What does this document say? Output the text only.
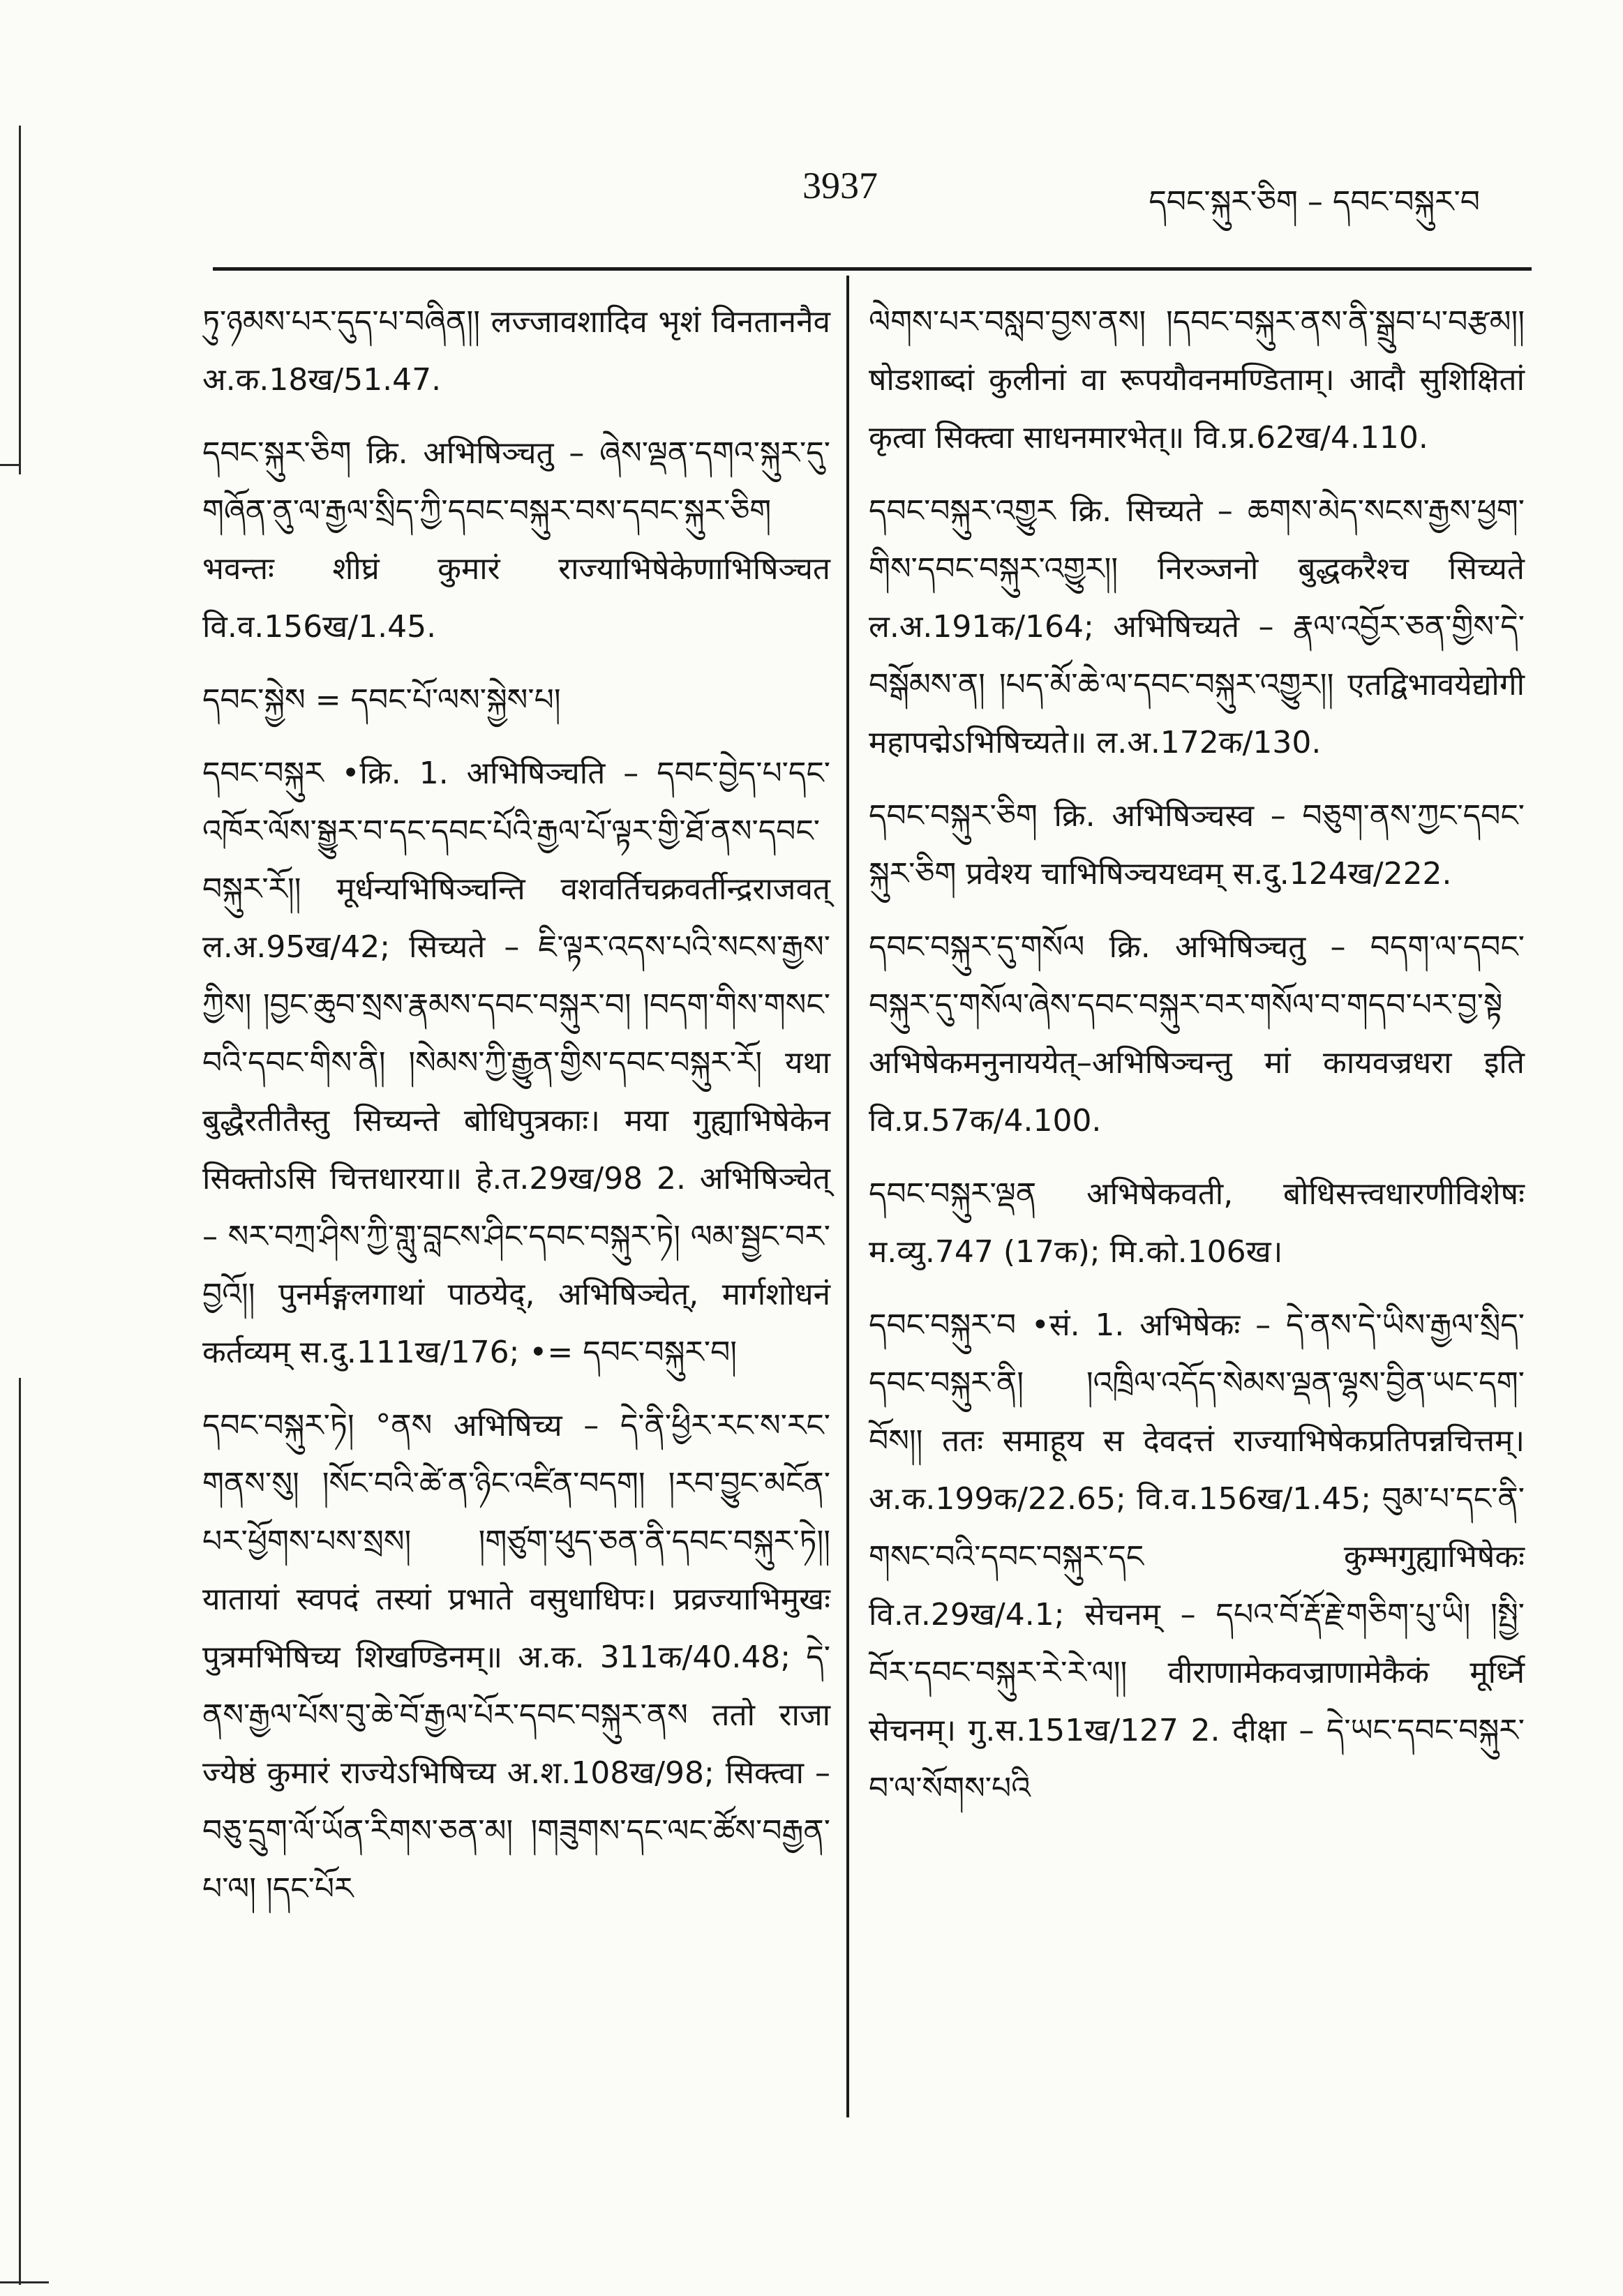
3937	དབང་སྐུར་ཅིག – དབང་བསྐུར་བ

ཏུ་ཉམས་པར་དུད་པ་བཞིན།། लज्जावशादिव भृशं विनताननैव अ.क.18ख/51.47.

དབང་སྐུར་ཅིག क्रि. अभिषिञ्चतु – ཞེས་ལྡན་དགའ་སྐུར་དུ་གཞོན་ནུ་ལ་རྒྱལ་སྲིད་ཀྱི་དབང་བསྐུར་བས་དབང་སྐུར་ཅིག भवन्तः शीघ्रं कुमारं राज्याभिषेकेणाभिषिञ्चत वि.व.156ख/1.45.

དབང་སྐྱེས = དབང་པོ་ལས་སྐྱེས་པ།

དབང་བསྐུར •क्रि. 1. अभिषिञ्चति – དབང་བྱེད་པ་དང་འཁོར་ལོས་སྒྱུར་བ་དང་དབང་པོའི་རྒྱལ་པོ་ལྟར་གྱི་ཐོ་ནས་དབང་བསྐུར་རོ།། मूर्धन्यभिषिञ्चन्ति वशवर्तिचक्रवर्तीन्द्रराजवत् ल.अ.95ख/42; सिच्यते – ཇི་ལྟར་འདས་པའི་སངས་རྒྱས་ཀྱིས། །བྱང་ཆུབ་སྲས་རྣམས་དབང་བསྐུར་བ། །བདག་གིས་གསང་བའི་དབང་གིས་ནི། །སེམས་ཀྱི་རྒྱུན་གྱིས་དབང་བསྐུར་རོ། यथा बुद्धैरतीतैस्तु सिच्यन्ते बोधिपुत्रकाः। मया गुह्याभिषेकेन सिक्तोऽसि चित्तधारया॥ हे.त.29ख/98 2. अभिषिञ्चेत् – སར་བཀྲ་ཤིས་ཀྱི་གླུ་བླངས་ཤིང་དབང་བསྐུར་ཏེ། ལམ་སྦྱང་བར་བྱའོ།། पुनर्मङ्गलगाथां पाठयेद्, अभिषिञ्चेत्, मार्गशोधनं कर्तव्यम् स.दु.111ख/176; •= དབང་བསྐུར་བ།

དབང་བསྐུར་ཏེ། °ནས अभिषिच्य – དེ་ནི་ཕྱིར་རང་ས་རང་གནས་སུ། །སོང་བའི་ཚེ་ན་ཉིང་འཛིན་བདག། །རབ་བྱུང་མངོན་པར་ཕྱོགས་པས་སྲས། །གཙུག་ཕུད་ཅན་ནི་དབང་བསྐུར་ཏེ།། यातायां स्वपदं तस्यां प्रभाते वसुधाधिपः। प्रव्रज्याभिमुखः पुत्रमभिषिच्य शिखण्डिनम्॥ अ.क. 311क/40.48; དེ་ནས་རྒྱལ་པོས་བུ་ཆེ་བོ་རྒྱལ་པོར་དབང་བསྐུར་ནས ततो राजा ज्येष्ठं कुमारं राज्येऽभिषिच्य अ.श.108ख/98; सिक्त्वा – བཅུ་དྲུག་ལོ་ཡོན་རིགས་ཅན་མ། །གཟུགས་དང་ལང་ཚོས་བརྒྱན་པ་ལ། །དང་པོར

ལེགས་པར་བསླབ་བྱས་ནས། །དབང་བསྐུར་ནས་ནི་སྒྲུབ་པ་བརྩམ།། षोडशाब्दां कुलीनां वा रूपयौवनमण्डिताम्। आदौ सुशिक्षितां कृत्वा सिक्त्वा साधनमारभेत्॥ वि.प्र.62ख/4.110.

དབང་བསྐུར་འགྱུར क्रि. सिच्यते – ཆགས་མེད་སངས་རྒྱས་ཕྱག་གིས་དབང་བསྐུར་འགྱུར།། निरञ्जनो बुद्धकरैश्च सिच्यते ल.अ.191क/164; अभिषिच्यते – རྣལ་འབྱོར་ཅན་གྱིས་དེ་བསྒོམས་ན། །པད་མོ་ཆེ་ལ་དབང་བསྐུར་འགྱུར།། एतद्विभावयेद्योगी महापद्मेऽभिषिच्यते॥ ल.अ.172क/130.

དབང་བསྐུར་ཅིག क्रि. अभिषिञ्चस्व – བཅུག་ནས་ཀྱང་དབང་སྐུར་ཅིག प्रवेश्य चाभिषिञ्चयध्वम् स.दु.124ख/222.

དབང་བསྐུར་དུ་གསོལ क्रि. अभिषिञ्चतु – བདག་ལ་དབང་བསྐུར་དུ་གསོལ་ཞེས་དབང་བསྐུར་བར་གསོལ་བ་གདབ་པར་བྱ་སྟེ अभिषेकमनुनाययेत्–अभिषिञ्चन्तु मां कायवज्रधरा इति वि.प्र.57क/4.100.

དབང་བསྐུར་ལྡན अभिषेकवती, बोधिसत्त्वधारणीविशेषः म.व्यु.747 (17क); मि.को.106ख।

དབང་བསྐུར་བ •सं. 1. अभिषेकः – དེ་ནས་དེ་ཡིས་རྒྱལ་སྲིད་དབང་བསྐུར་ནི། །འཁྲིལ་འདོད་སེམས་ལྡན་ལྷས་བྱིན་ཡང་དག་བོས།། ततः समाहूय स देवदत्तं राज्याभिषेकप्रतिपन्नचित्तम्। अ.क.199क/22.65; वि.व.156ख/1.45; བུམ་པ་དང་ནི་གསང་བའི་དབང་བསྐུར་དང कुम्भगुह्याभिषेकः वि.त.29ख/4.1; सेचनम् – དཔའ་བོ་རྡོ་རྗེ་གཅིག་པུ་ཡི། །སྤྱི་བོར་དབང་བསྐུར་རེ་རེ་ལ།། वीराणामेकवज्राणामेकैकं मूर्ध्नि सेचनम्। गु.स.151ख/127 2. दीक्षा – དེ་ཡང་དབང་བསྐུར་བ་ལ་སོགས་པའི
